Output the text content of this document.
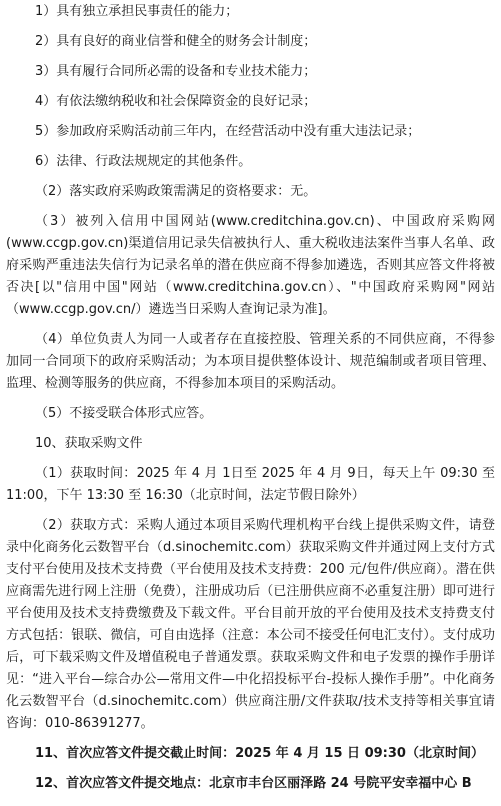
1）具有独立承担民事责任的能力；

2）具有良好的商业信誉和健全的财务会计制度；

3）具有履行合同所必需的设备和专业技术能力；

4）有依法缴纳税收和社会保障资金的良好记录；

5）参加政府采购活动前三年内，在经营活动中没有重大违法记录；

6）法律、行政法规规定的其他条件。

（2）落实政府采购政策需满足的资格要求：无。

（3）被列入信用中国网站(www.creditchina.gov.cn)、中国政府采购网(www.ccgp.gov.cn)渠道信用记录失信被执行人、重大税收违法案件当事人名单、政府采购严重违法失信行为记录名单的潜在供应商不得参加遴选，否则其应答文件将被否决[以"信用中国"网站（www.creditchina.gov.cn）、"中国政府采购网"网站（www.ccgp.gov.cn/）遴选当日采购人查询记录为准]。

（4）单位负责人为同一人或者存在直接控股、管理关系的不同供应商，不得参加同一合同项下的政府采购活动；为本项目提供整体设计、规范编制或者项目管理、监理、检测等服务的供应商，不得参加本项目的采购活动。

（5）不接受联合体形式应答。

10、获取采购文件

（1）获取时间：2025 年 4 月 1日至 2025 年 4 月 9日，每天上午 09:30 至 11:00，下午 13:30 至 16:30（北京时间，法定节假日除外）

（2）获取方式：采购人通过本项目采购代理机构平台线上提供采购文件，请登录中化商务化云数智平台（d.sinochemitc.com）获取采购文件并通过网上支付方式支付平台使用及技术支持费（平台使用及技术支持费：200 元/包件/供应商）。潜在供应商需先进行网上注册（免费），注册成功后（已注册供应商不必重复注册）即可进行平台使用及技术支持费缴费及下载文件。平台目前开放的平台使用及技术支持费支付方式包括：银联、微信，可自由选择（注意：本公司不接受任何电汇支付）。支付成功后，可下载采购文件及增值税电子普通发票。获取采购文件和电子发票的操作手册详见：“进入平台—综合办公—常用文件—中化招投标平台-投标人操作手册”。中化商务化云数智平台（d.sinochemitc.com）供应商注册/文件获取/技术支持等相关事宜请咨询：010-86391277。

11、首次应答文件提交截止时间：2025 年 4 月 15 日 09:30（北京时间）

12、首次应答文件提交地点：北京市丰台区丽泽路 24 号院平安幸福中心 B
